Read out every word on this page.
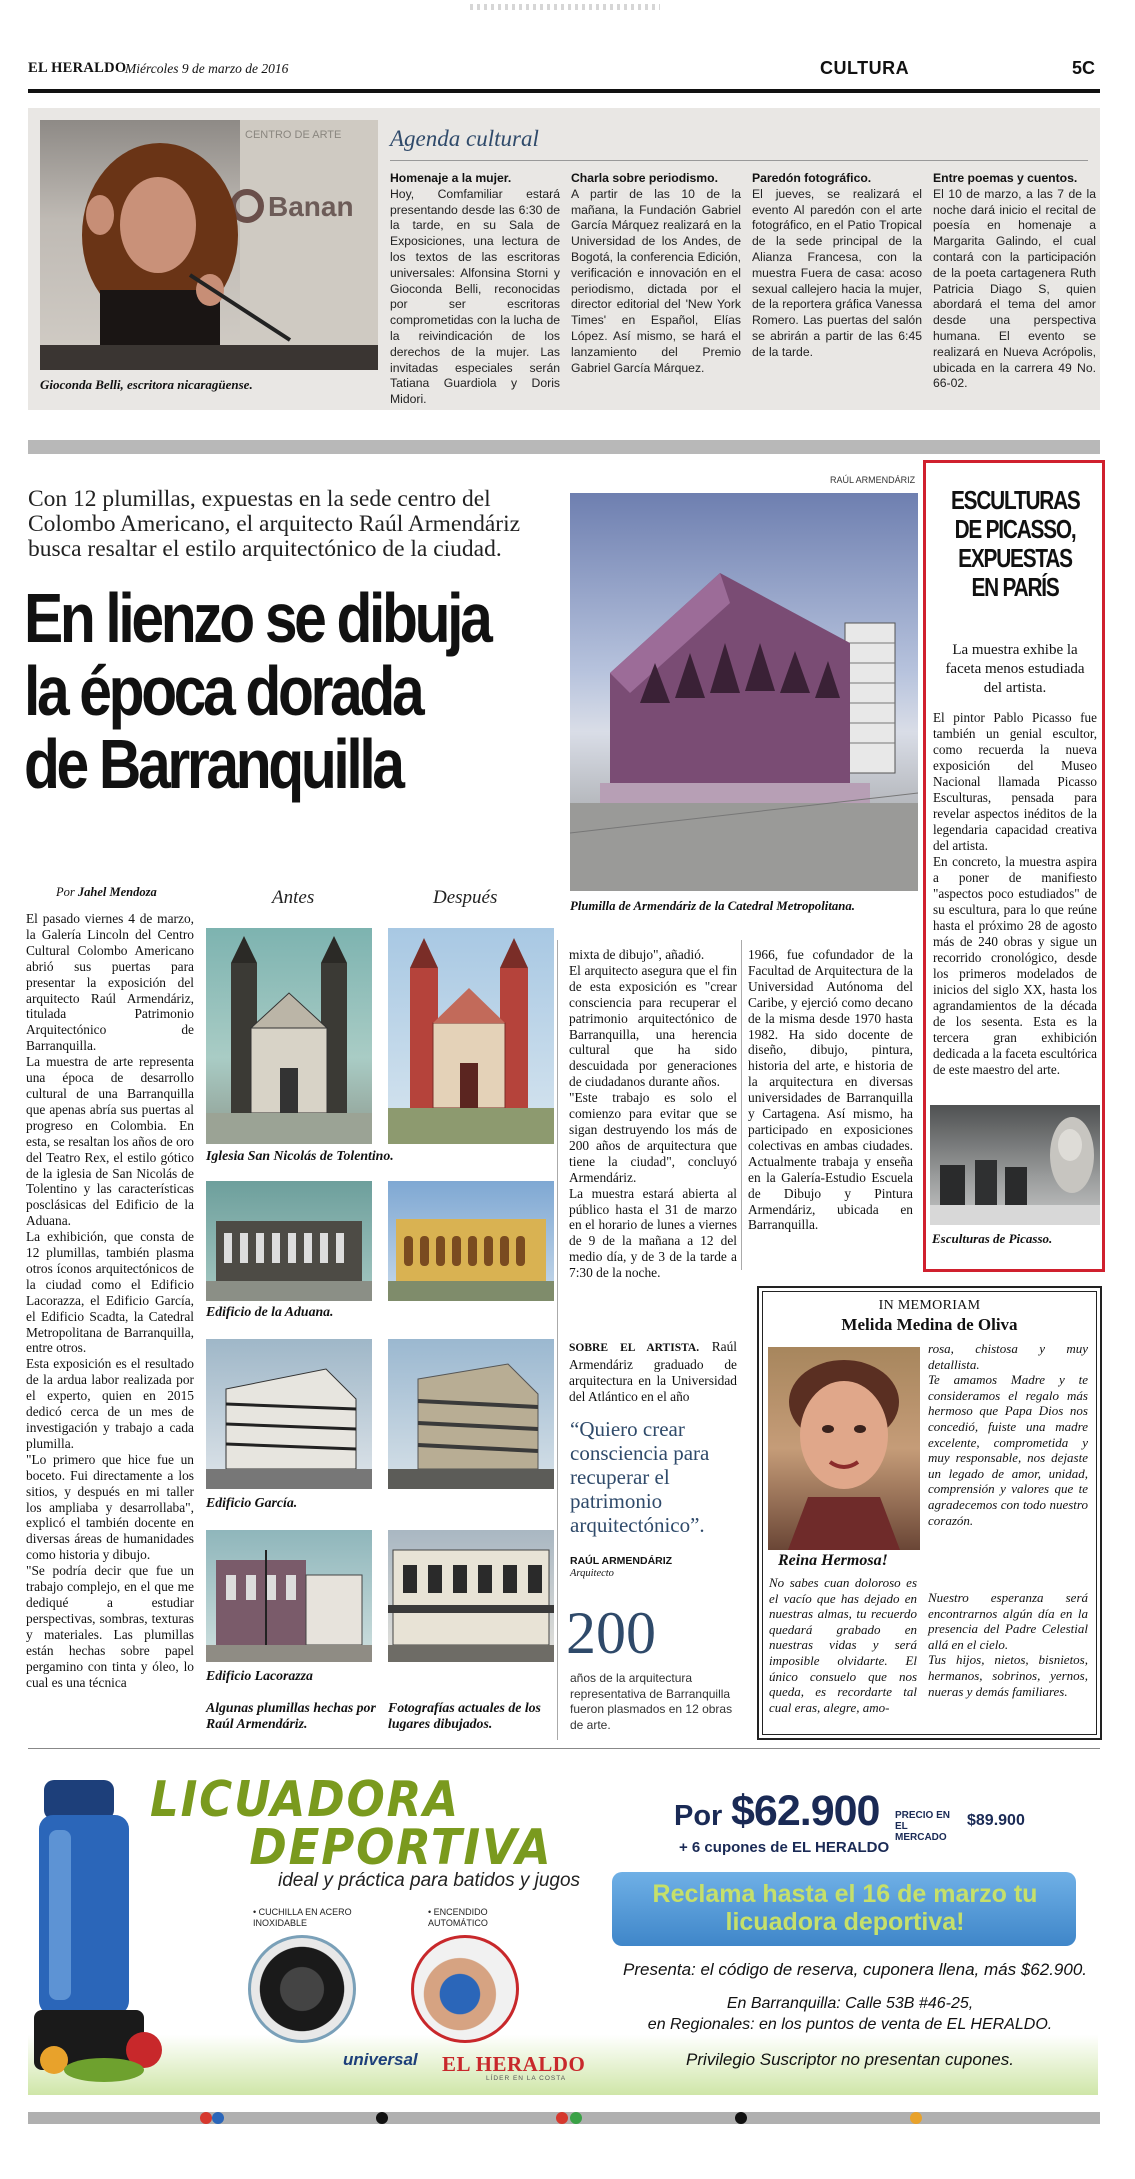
EL HERALDO
Miércoles 9 de marzo de 2016	CULTURA	5C
CENTRO DE ARTE
Banan
Gioconda Belli, escritora nicaragüense.
Agenda cultural
Homenaje a la mujer.
Hoy, Comfamiliar estará presentando desde las 6:30 de la tarde, en su Sala de Exposiciones, una lectura de los textos de las escritoras universales: Alfonsina Storni y Gioconda Belli, reconocidas por ser escritoras comprometidas con la lucha de la reivindicación de los derechos de la mujer. Las invitadas especiales serán Tatiana Guardiola y Doris Midori.
Charla sobre periodismo.
A partir de las 10 de la mañana, la Fundación Gabriel García Márquez realizará en la Universidad de los Andes, de Bogotá, la conferencia Edición, verificación e innovación en el periodismo, dictada por el director editorial del 'New York Times' en Español, Elías López. Así mismo, se hará el lanzamiento del Premio Gabriel García Márquez.
Paredón fotográfico.
El jueves, se realizará el evento Al paredón con el arte fotográfico, en el Patio Tropical de la sede principal de la Alianza Francesa, con la muestra Fuera de casa: acoso sexual callejero hacia la mujer, de la reportera gráfica Vanessa Romero. Las puertas del salón se abrirán a partir de las 6:45 de la tarde.
Entre poemas y cuentos.
El 10 de marzo, a las 7 de la noche dará inicio el recital de poesía en homenaje a Margarita Galindo, el cual contará con la participación de la poeta cartagenera Ruth Patricia Diago S, quien abordará el tema del amor desde una perspectiva humana. El evento se realizará en Nueva Acrópolis, ubicada en la carrera 49 No. 66-02.
Con 12 plumillas, expuestas en la sede centro del Colombo Americano, el arquitecto Raúl Armendáriz busca resaltar el estilo arquitectónico de la ciudad.
En lienzo se dibuja
la época dorada
de Barranquilla
Por Jahel Mendoza
RAÚL ARMENDÁRIZ
Plumilla de Armendáriz de la Catedral Metropolitana.
Antes	Después
Iglesia San Nicolás de Tolentino.
Edificio de la Aduana.
Edificio García.
Edificio Lacorazza
Algunas plumillas hechas por Raúl Armendáriz.
Fotografías actuales de los lugares dibujados.
El pasado viernes 4 de marzo, la Galería Lincoln del Centro Cultural Colombo Americano abrió sus puertas para presentar la exposición del arquitecto Raúl Armendáriz, titulada Patrimonio Arquitectónico de Barranquilla.
La muestra de arte representa una época de desarrollo cultural de una Barranquilla que apenas abría sus puertas al progreso en Colombia. En esta, se resaltan los años de oro del Teatro Rex, el estilo gótico de la iglesia de San Nicolás de Tolentino y las características posclásicas del Edificio de la Aduana.
La exhibición, que consta de 12 plumillas, también plasma otros íconos arquitectónicos de la ciudad como el Edificio Lacorazza, el Edificio García, el Edificio Scadta, la Catedral Metropolitana de Barranquilla, entre otros.
Esta exposición es el resultado de la ardua labor realizada por el experto, quien en 2015 dedicó cerca de un mes de investigación y trabajo a cada plumilla.
"Lo primero que hice fue un boceto. Fui directamente a los sitios, y después en mi taller los ampliaba y desarrollaba", explicó el también docente en diversas áreas de humanidades como historia y dibujo.
"Se podría decir que fue un trabajo complejo, en el que me dediqué a estudiar perspectivas, sombras, texturas y materiales. Las plumillas están hechas sobre papel pergamino con tinta y óleo, lo cual es una técnica
mixta de dibujo", añadió.
El arquitecto asegura que el fin de esta exposición es "crear consciencia para recuperar el patrimonio arquitectónico de Barranquilla, una herencia cultural que ha sido descuidada por generaciones de ciudadanos durante años.
"Este trabajo es solo el comienzo para evitar que se sigan destruyendo los más de 200 años de arquitectura que tiene la ciudad", concluyó Armendáriz.
La muestra estará abierta al público hasta el 31 de marzo en el horario de lunes a viernes de 9 de la mañana a 12 del medio día, y de 3 de la tarde a 7:30 de la noche.

SOBRE EL ARTISTA. Raúl Armendáriz graduado de arquitectura en la Universidad del Atlántico en el año

1966, fue cofundador de la Facultad de Arquitectura de la Universidad Autónoma del Caribe, y ejerció como decano de la misma desde 1970 hasta 1982. Ha sido docente de diseño, dibujo, pintura, historia del arte, e historia de la arquitectura en diversas universidades de Barranquilla y Cartagena. Así mismo, ha participado en exposiciones colectivas en ambas ciudades. Actualmente trabaja y enseña en la Galería-Estudio Escuela de Dibujo y Pintura Armendáriz, ubicada en Barranquilla.
“Quiero crear consciencia para recuperar el patrimonio arquitectónico”.
RAÚL ARMENDÁRIZ
Arquitecto
200
años de la arquitectura representativa de Barranquilla fueron plasmados en 12 obras de arte.
ESCULTURAS DE PICASSO, EXPUESTAS EN PARÍS
La muestra exhibe la faceta menos estudiada del artista.
El pintor Pablo Picasso fue también un genial escultor, como recuerda la nueva exposición del Museo Nacional llamada Picasso Esculturas, pensada para revelar aspectos inéditos de la legendaria capacidad creativa del artista.
En concreto, la muestra aspira a poner de manifiesto "aspectos poco estudiados" de su escultura, para lo que reúne hasta el próximo 28 de agosto más de 240 obras y sigue un recorrido cronológico, desde los primeros modelados de inicios del siglo XX, hasta los agrandamientos de la década de los sesenta. Esta es la tercera gran exhibición dedicada a la faceta escultórica de este maestro del arte.
Esculturas de Picasso.
IN MEMORIAM
Melida Medina de Oliva
Reina Hermosa!
No sabes cuan doloroso es el vacío que has dejado en nuestras almas, tu recuerdo quedará grabado en nuestras vidas y será imposible olvidarte. El único consuelo que nos queda, es recordarte tal cual eras, alegre, amo-
rosa, chistosa y muy detallista.
Te amamos Madre y te consideramos el regalo más hermoso que Papa Dios nos concedió, fuiste una madre excelente, comprometida y muy responsable, nos dejaste un legado de amor, unidad, comprensión y valores que te agradecemos con todo nuestro corazón.
Nuestro esperanza será encontrarnos algún día en la presencia del Padre Celestial allá en el cielo.
Tus hijos, nietos, bisnietos, hermanos, sobrinos, yernos, nueras y demás familiares.
LICUADORA
DEPORTIVA
ideal y práctica para batidos y jugos
• CUCHILLA EN ACERO INOXIDABLE
• ENCENDIDO AUTOMÁTICO
universal EL HERALDO
LÍDER EN LA COSTA
Por $62.900
+ 6 cupones de EL HERALDO
PRECIO EN EL MERCADO
$89.900
Reclama hasta el 16 de marzo tu licuadora deportiva!
Presenta: el código de reserva, cuponera llena, más $62.900.
En Barranquilla: Calle 53B #46-25,
en Regionales: en los puntos de venta de EL HERALDO.
Privilegio Suscriptor no presentan cupones.
